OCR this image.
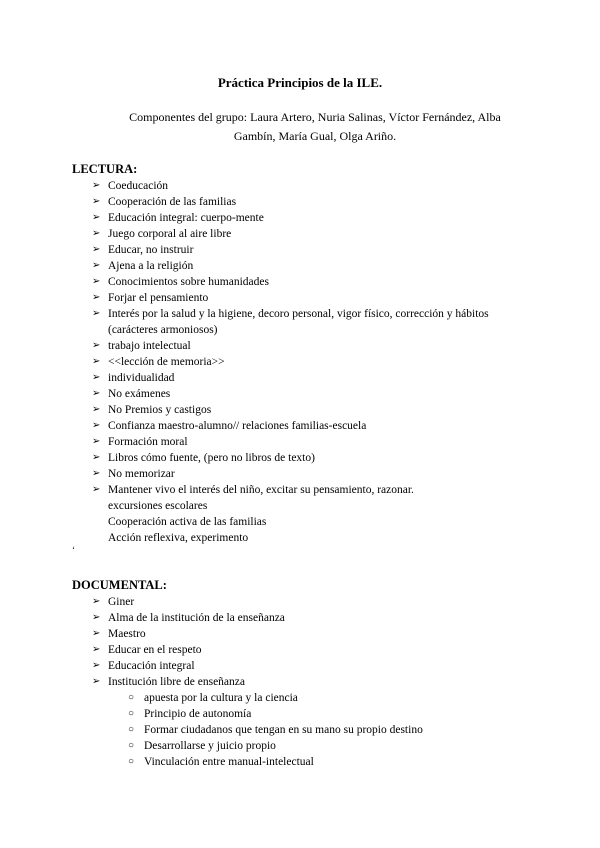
Práctica Principios de la ILE.
Componentes del grupo: Laura Artero, Nuria Salinas, Víctor Fernández, Alba
Gambín, María Gual, Olga Ariño.
LECTURA:
➢ Coeducación
➢ Cooperación de las familias
➢ Educación integral: cuerpo-mente
➢ Juego corporal al aire libre
➢ Educar, no instruir
➢ Ajena a la religión
➢ Conocimientos sobre humanidades
➢ Forjar el pensamiento
➢ Interés por la salud y la higiene, decoro personal, vigor físico, corrección y hábitos
(carácteres armoniosos)
➢ trabajo intelectual
➢ <<lección de memoria>>
➢ individualidad
➢ No exámenes
➢ No Premios y castigos
➢ Confianza maestro-alumno// relaciones familias-escuela
➢ Formación moral
➢ Libros cómo fuente, (pero no libros de texto)
➢ No memorizar
➢ Mantener vivo el interés del niño, excitar su pensamiento, razonar.
excursiones escolares
Cooperación activa de las familias
Acción reflexiva, experimento
‘
DOCUMENTAL:
➢ Giner
➢ Alma de la institución de la enseñanza
➢ Maestro
➢ Educar en el respeto
➢ Educación integral
➢ Institución libre de enseñanza
○ apuesta por la cultura y la ciencia
○ Principio de autonomía
○ Formar ciudadanos que tengan en su mano su propio destino
○ Desarrollarse y juicio propio
○ Vinculación entre manual-intelectual
